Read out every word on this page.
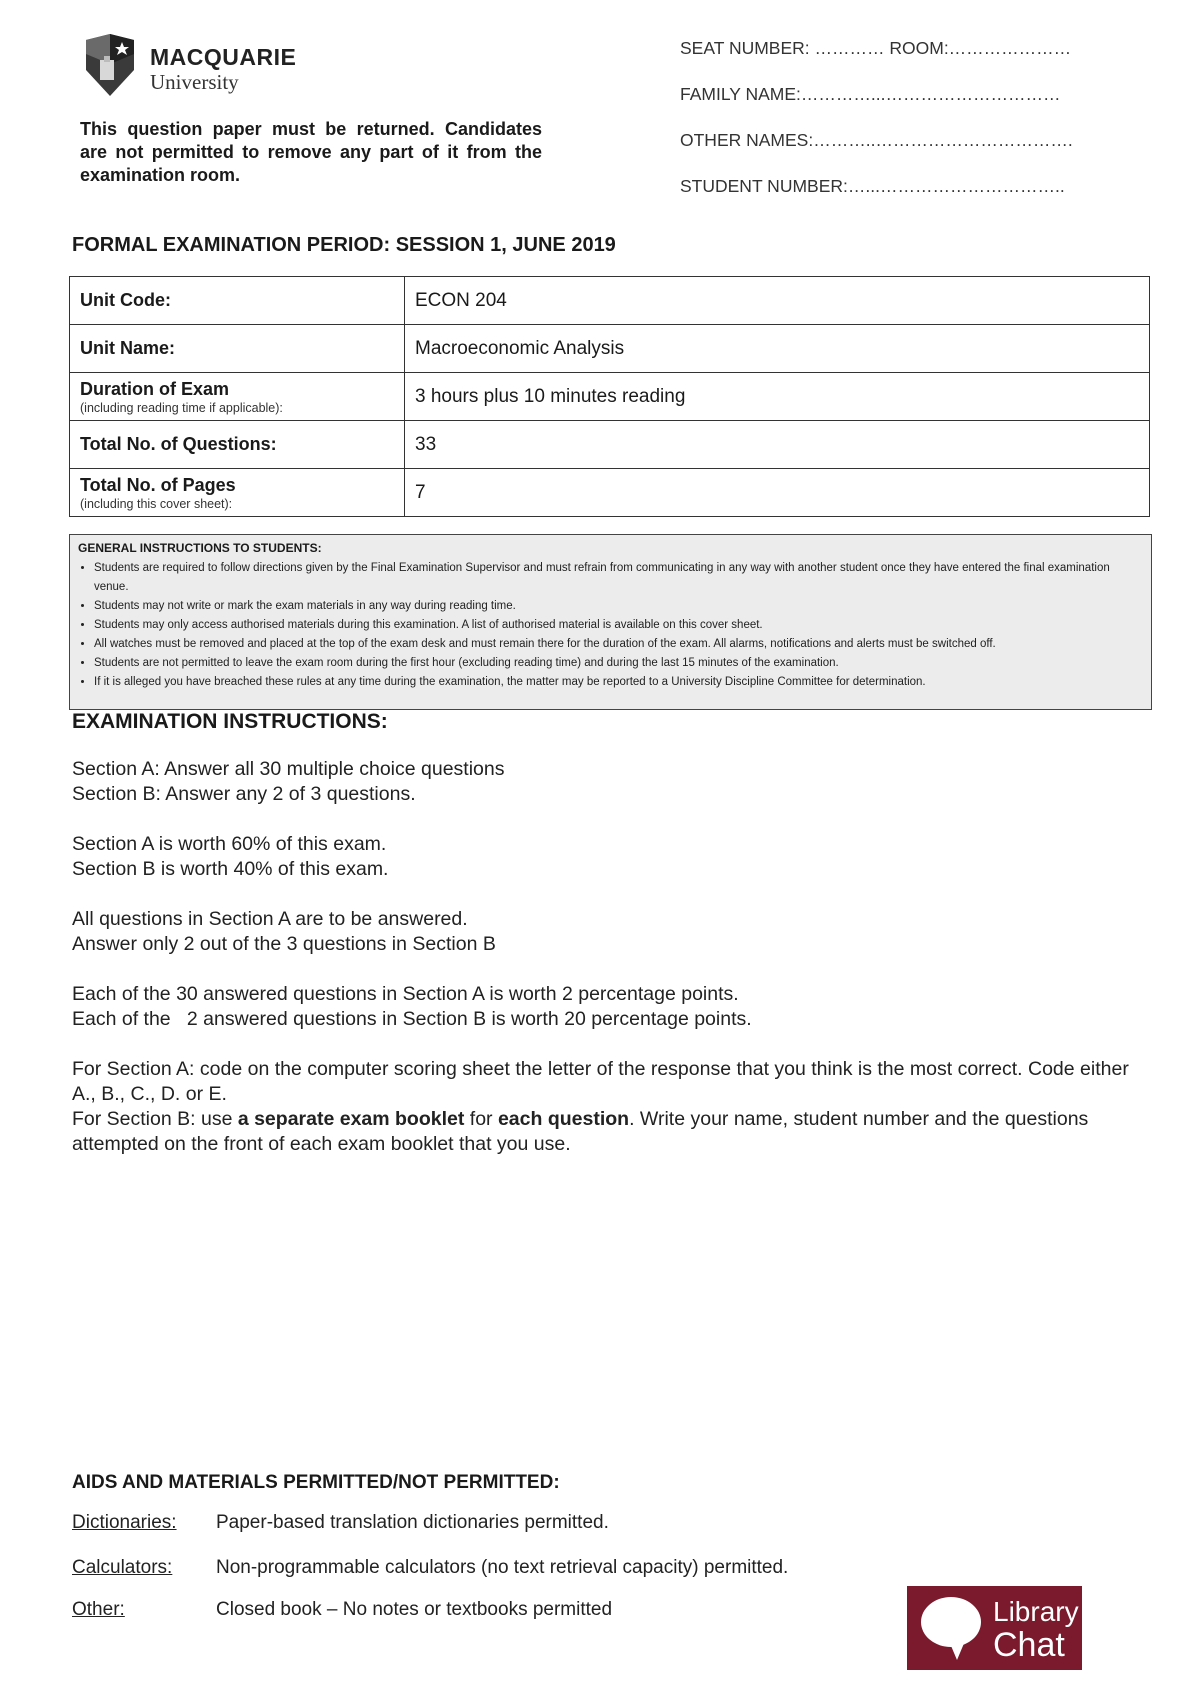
MACQUARIE
University
This question paper must be returned. Candidates are not permitted to remove any part of it from the examination room.
SEAT NUMBER: ………… ROOM:…………………
FAMILY NAME:…………...…………………………
OTHER NAMES:………..…………………………….
STUDENT NUMBER:…...…………………………..
FORMAL EXAMINATION PERIOD: SESSION 1, JUNE 2019
Unit Code:	ECON 204
Unit Name:	Macroeconomic Analysis
Duration of Exam
(including reading time if applicable):	3 hours plus 10 minutes reading
Total No. of Questions:	33
Total No. of Pages
(including this cover sheet):	7
GENERAL INSTRUCTIONS TO STUDENTS:
• Students are required to follow directions given by the Final Examination Supervisor and must refrain from communicating in any way with another student once they have entered the final examination venue.
• Students may not write or mark the exam materials in any way during reading time.
• Students may only access authorised materials during this examination. A list of authorised material is available on this cover sheet.
• All watches must be removed and placed at the top of the exam desk and must remain there for the duration of the exam. All alarms, notifications and alerts must be switched off.
• Students are not permitted to leave the exam room during the first hour (excluding reading time) and during the last 15 minutes of the examination.
• If it is alleged you have breached these rules at any time during the examination, the matter may be reported to a University Discipline Committee for determination.
EXAMINATION INSTRUCTIONS:

Section A: Answer all 30 multiple choice questions

Section B: Answer any 2 of 3 questions.

Section A is worth 60% of this exam.

Section B is worth 40% of this exam.

All questions in Section A are to be answered.

Answer only 2 out of the 3 questions in Section B

Each of the 30 answered questions in Section A is worth 2 percentage points.

Each of the   2 answered questions in Section B is worth 20 percentage points.

For Section A: code on the computer scoring sheet the letter of the response that you think is the most correct. Code either A., B., C., D. or E.

For Section B: use a separate exam booklet for each question. Write your name, student number and the questions attempted on the front of each exam booklet that you use.

AIDS AND MATERIALS PERMITTED/NOT PERMITTED:
Dictionaries: Paper-based translation dictionaries permitted.
Calculators: Non-programmable calculators (no text retrieval capacity) permitted.
Other:	Closed book – No notes or textbooks permitted	Library
Chat
